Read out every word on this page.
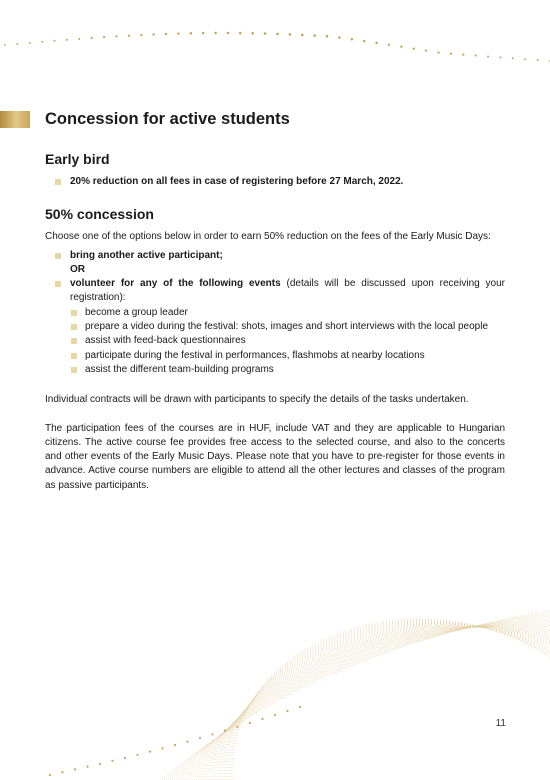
Concession for active students
Early bird
20% reduction on all fees in case of registering before 27 March, 2022.
50% concession

Choose one of the options below in order to earn 50% reduction on the fees of the Early Music Days:

bring another active participant;
OR
volunteer for any of the following events (details will be discussed upon receiving your registration):
become a group leader
prepare a video during the festival: shots, images and short interviews with the local people
assist with feed-back questionnaires
participate during the festival in performances, flashmobs at nearby locations
assist the different team-building programs

Individual contracts will be drawn with participants to specify the details of the tasks undertaken.

The participation fees of the courses are in HUF, include VAT and they are applicable to Hungarian citizens. The active course fee provides free access to the selected course, and also to the concerts and other events of the Early Music Days. Please note that you have to pre-register for those events in advance. Active course numbers are eligible to attend all the other lectures and classes of the program as passive participants.

11
